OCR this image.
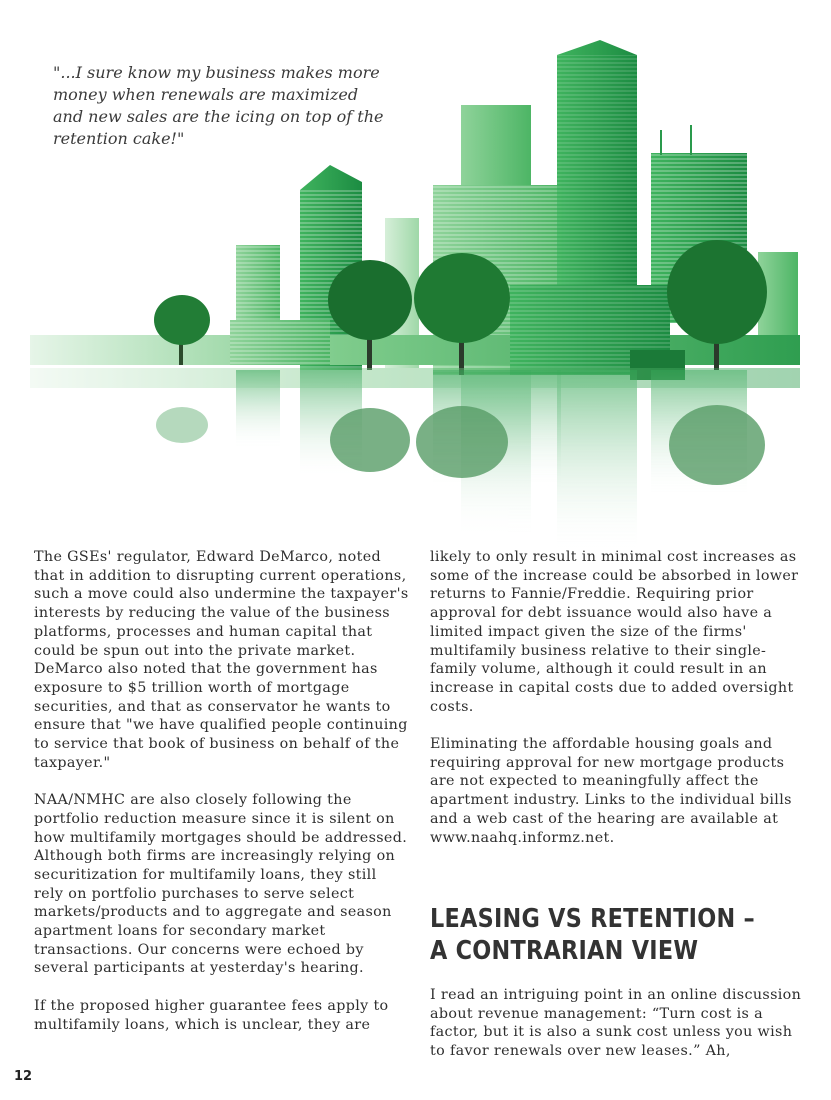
"...I sure know my business makes more
money when renewals are maximized
and new sales are the icing on top of the
retention cake!"

The GSEs' regulator, Edward DeMarco, noted that in addition to disrupting current operations, such a move could also undermine the taxpayer's interests by reducing the value of the business platforms, processes and human capital that could be spun out into the private market. DeMarco also noted that the government has exposure to $5 trillion worth of mortgage securities, and that as conservator he wants to ensure that "we have qualified people continuing to service that book of business on behalf of the taxpayer."

NAA/NMHC are also closely following the portfolio reduction measure since it is silent on how multifamily mortgages should be addressed. Although both firms are increasingly relying on securitization for multifamily loans, they still rely on portfolio purchases to serve select markets/products and to aggregate and season apartment loans for secondary market transactions. Our concerns were echoed by several participants at yesterday's hearing.

If the proposed higher guarantee fees apply to multifamily loans, which is unclear, they are

likely to only result in minimal cost increases as some of the increase could be absorbed in lower returns to Fannie/Freddie. Requiring prior approval for debt issuance would also have a limited impact given the size of the firms' multifamily business relative to their single-family volume, although it could result in an increase in capital costs due to added oversight costs.

Eliminating the affordable housing goals and requiring approval for new mortgage products are not expected to meaningfully affect the apartment industry. Links to the individual bills and a web cast of the hearing are available at www.naahq.informz.net.

LEASING VS RETENTION –
A CONTRARIAN VIEW
I read an intriguing point in an online discussion about revenue management: “Turn cost is a factor, but it is also a sunk cost unless you wish to favor renewals over new leases.” Ah,
12
